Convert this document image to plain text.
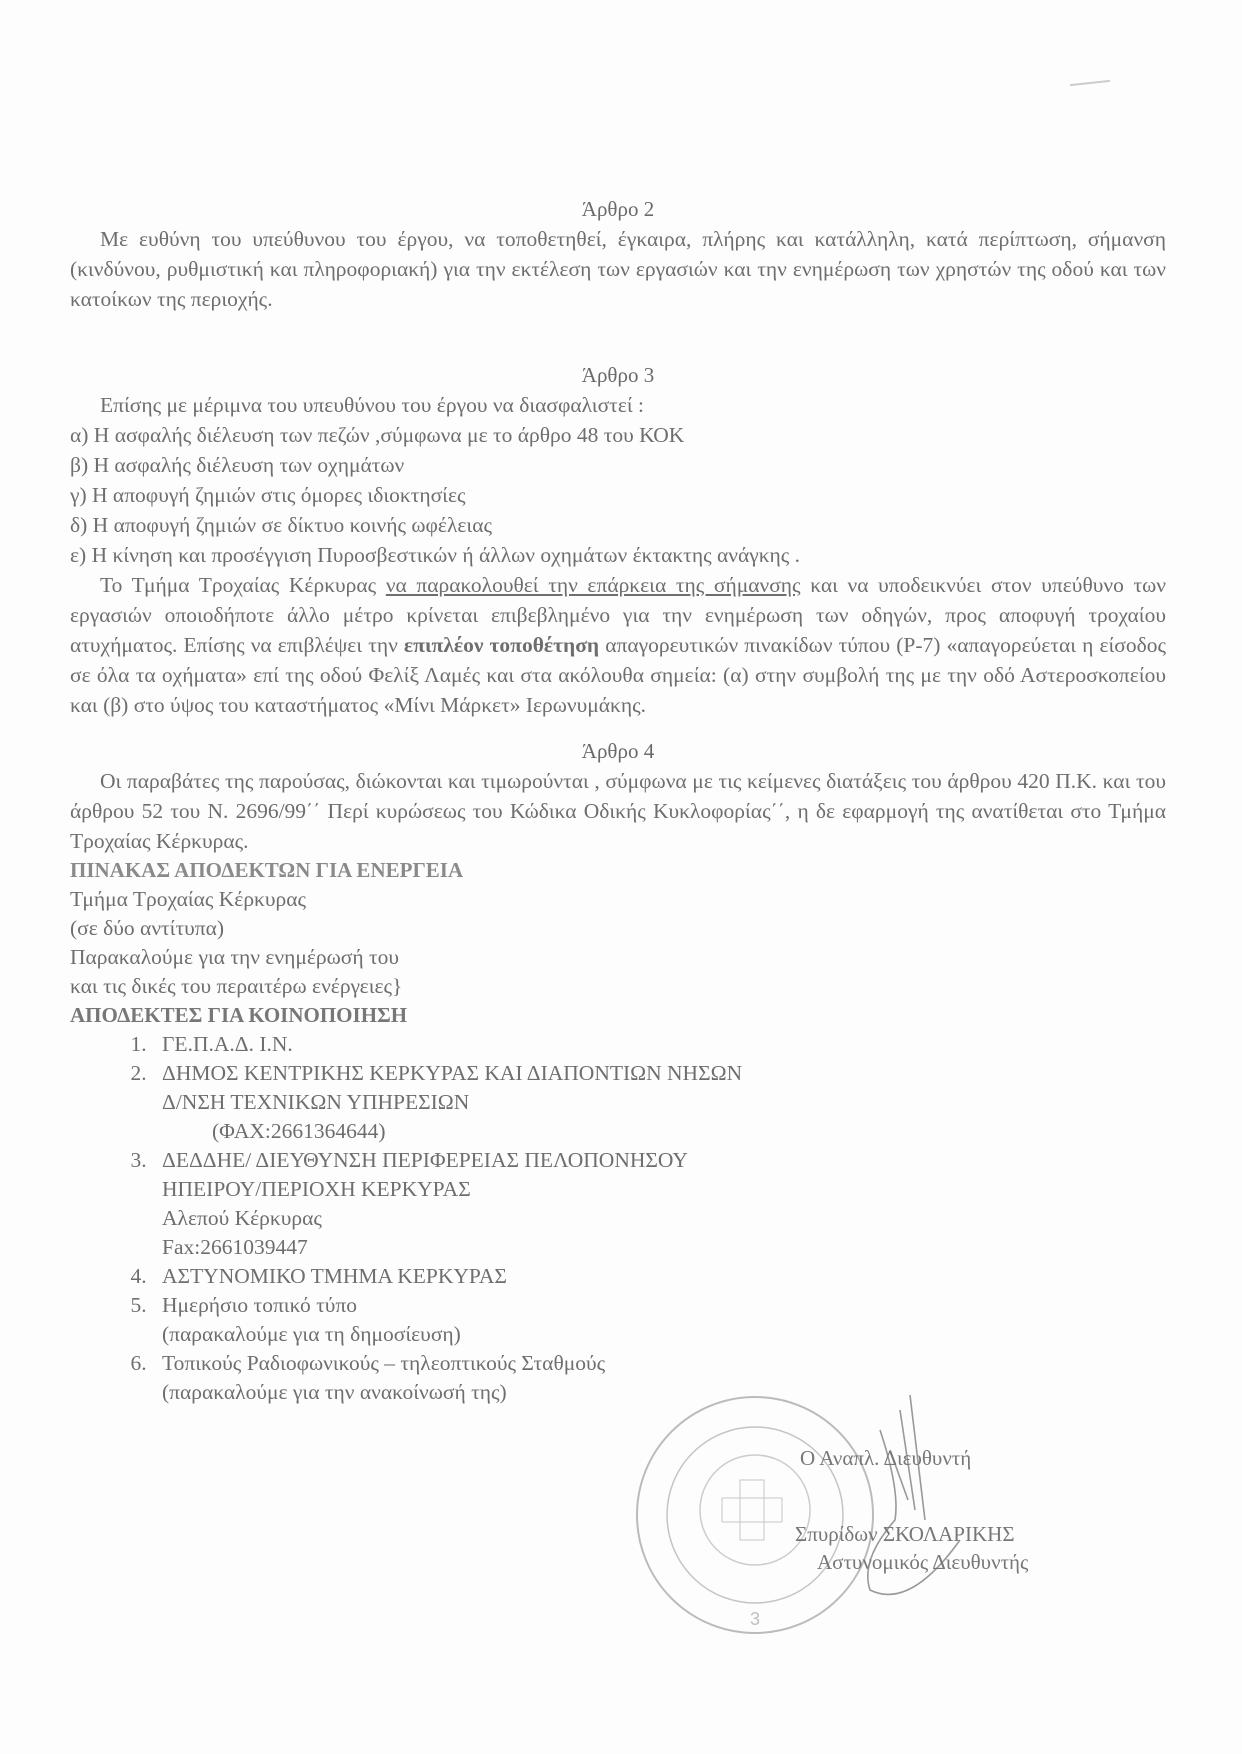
Άρθρο 2
Με ευθύνη του υπεύθυνου του έργου, να τοποθετηθεί, έγκαιρα, πλήρης και κατάλληλη, κατά περίπτωση, σήμανση (κινδύνου, ρυθμιστική και πληροφοριακή) για την εκτέλεση των εργασιών και την ενημέρωση των χρηστών της οδού και των κατοίκων της περιοχής.
Άρθρο 3
Επίσης με μέριμνα του υπευθύνου του έργου να διασφαλιστεί :
α) Η ασφαλής διέλευση των πεζών ,σύμφωνα με το άρθρο 48 του ΚΟΚ
β) Η ασφαλής διέλευση των οχημάτων
γ) Η αποφυγή ζημιών στις όμορες ιδιοκτησίες
δ) Η αποφυγή ζημιών σε δίκτυο κοινής ωφέλειας
ε) Η κίνηση και προσέγγιση Πυροσβεστικών ή άλλων οχημάτων έκτακτης ανάγκης .
Το Τμήμα Τροχαίας Κέρκυρας να παρακολουθεί την επάρκεια της σήμανσης και να υποδεικνύει στον υπεύθυνο των εργασιών οποιοδήποτε άλλο μέτρο κρίνεται επιβεβλημένο για την ενημέρωση των οδηγών, προς αποφυγή τροχαίου ατυχήματος. Επίσης να επιβλέψει την επιπλέον τοποθέτηση απαγορευτικών πινακίδων τύπου (Ρ-7) «απαγορεύεται η είσοδος σε όλα τα οχήματα» επί της οδού Φελίξ Λαμές και στα ακόλουθα σημεία: (α) στην συμβολή της με την οδό Αστεροσκοπείου και (β) στο ύψος του καταστήματος «Μίνι Μάρκετ» Ιερωνυμάκης.
Άρθρο 4
Οι παραβάτες της παρούσας, διώκονται και τιμωρούνται , σύμφωνα με τις κείμενες διατάξεις του άρθρου 420 Π.Κ. και του άρθρου 52 του Ν. 2696/99΄΄ Περί κυρώσεως του Κώδικα Οδικής Κυκλοφορίας΄΄, η δε εφαρμογή της ανατίθεται στο Τμήμα Τροχαίας Κέρκυρας.
ΠΙΝΑΚΑΣ ΑΠΟΔΕΚΤΩΝ ΓΙΑ ΕΝΕΡΓΕΙΑ
Τμήμα Τροχαίας Κέρκυρας
(σε δύο αντίτυπα)
Παρακαλούμε για την ενημέρωσή του
και τις δικές του περαιτέρω ενέργειες}
ΑΠΟΔΕΚΤΕΣ ΓΙΑ ΚΟΙΝΟΠΟΙΗΣΗ
1. ΓΕ.Π.Α.Δ. Ι.Ν.
2. ΔΗΜΟΣ ΚΕΝΤΡΙΚΗΣ ΚΕΡΚΥΡΑΣ ΚΑΙ ΔΙΑΠΟΝΤΙΩΝ ΝΗΣΩΝ
Δ/ΝΣΗ ΤΕΧΝΙΚΩΝ ΥΠΗΡΕΣΙΩΝ
(ΦΑΧ:2661364644)
3. ΔΕΔΔΗΕ/ ΔΙΕΥΘΥΝΣΗ ΠΕΡΙΦΕΡΕΙΑΣ ΠΕΛΟΠΟΝΗΣΟΥ
ΗΠΕΙΡΟΥ/ΠΕΡΙΟΧΗ ΚΕΡΚΥΡΑΣ
Αλεπού Κέρκυρας
Fax:2661039447
4. ΑΣΤΥΝΟΜΙΚΟ ΤΜΗΜΑ ΚΕΡΚΥΡΑΣ
5. Ημερήσιο τοπικό τύπο
(παρακαλούμε για τη δημοσίευση)
6. Τοπικούς Ραδιοφωνικούς – τηλεοπτικούς Σταθμούς
(παρακαλούμε για την ανακοίνωσή της)
3
Ο Αναπλ. Διευθυντή
Σπυρίδων ΣΚΟΛΑΡΙΚΗΣ
Αστυνομικός Διευθυντής
